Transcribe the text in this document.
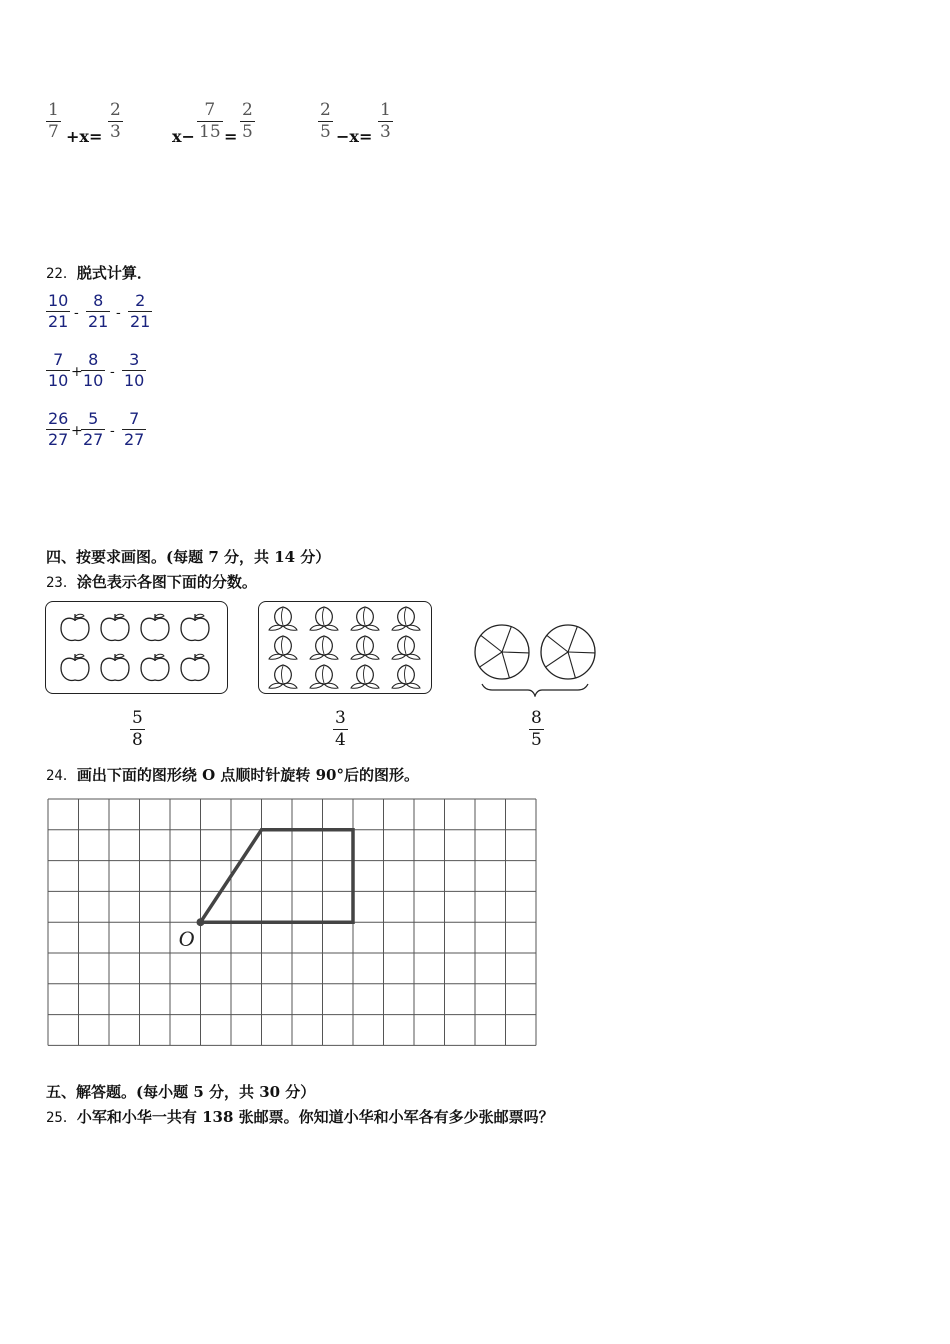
$\frac{1}{7} +x= \frac{2}{3}$	$x- \frac{7}{15} = \frac{2}{5}$	$\frac{2}{5} -x= \frac{1}{3}$
22．脱式计算．
$\frac{10}{21} - \frac{8}{21} - \frac{2}{21}$
$\frac{7}{10}$ +
$\frac{8}{10} - \frac{3}{10}$
$\frac{26}{27}$ +
$\frac{5}{27} - \frac{7}{27}$
四、按要求画图。(每题 7 分，共 14 分）
23．涂色表示各图下面的分数。
$\frac{5}{8}$	$\frac{3}{4}$	$\frac{8}{5}$
24．画出下面的图形绕 O 点顺时针旋转 90°后的图形。
O
五、解答题。(每小题 5 分，共 30 分）
25．小军和小华一共有 138 张邮票。你知道小华和小军各有多少张邮票吗？
